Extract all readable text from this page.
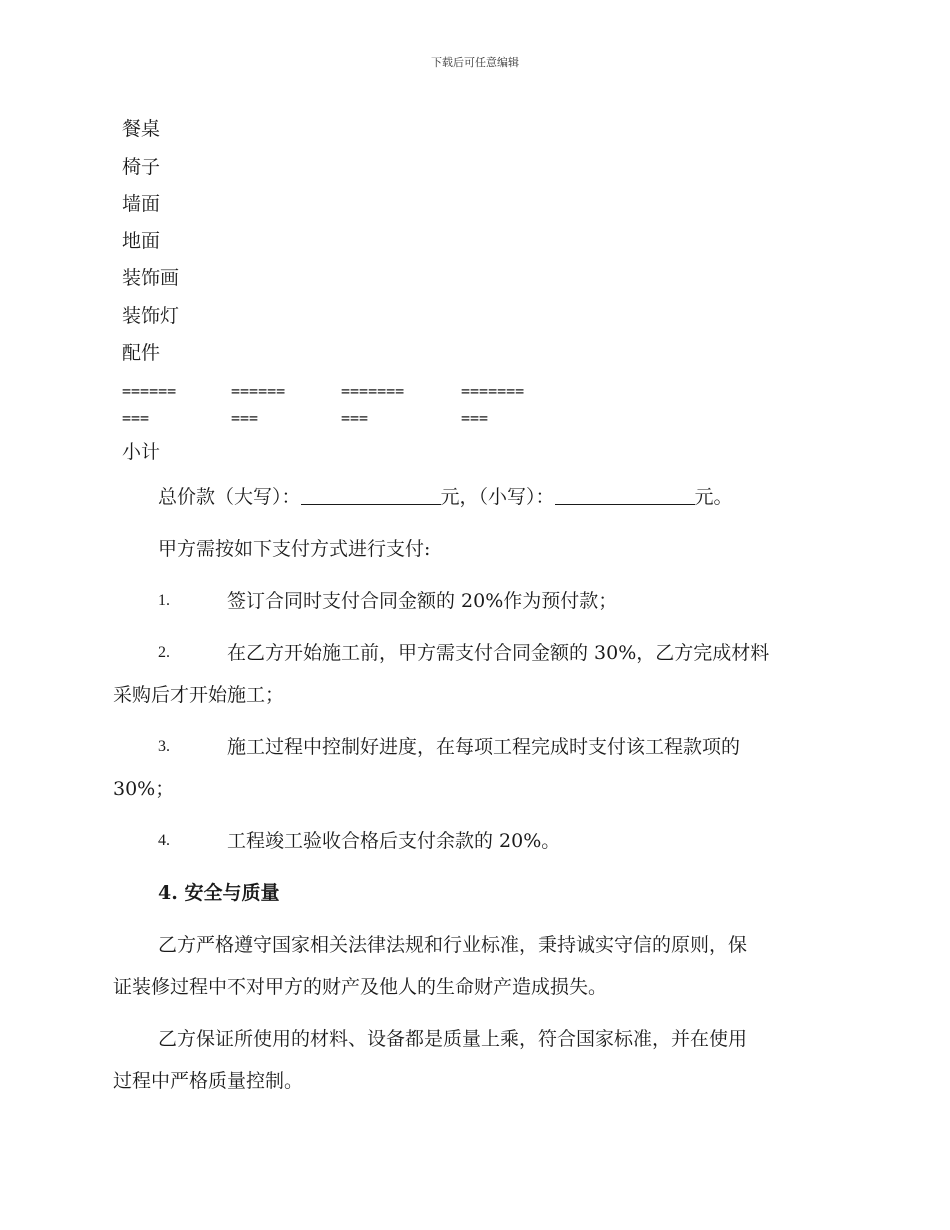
下载后可任意编辑
餐桌
椅子
墙面
地面
装饰画
装饰灯
配件
======	======	=======	=======
===	===	===	===
小计
总价款（大写）：	元，（小写）：	元。
甲方需按如下支付方式进行支付:
1.	签订合同时支付合同金额的 20%作为预付款；
2.	在乙方开始施工前，甲方需支付合同金额的 30%，乙方完成材料
采购后才开始施工；
3.	施工过程中控制好进度，在每项工程完成时支付该工程款项的
30%；
4.	工程竣工验收合格后支付余款的 20%。
4. 安全与质量
乙方严格遵守国家相关法律法规和行业标准，秉持诚实守信的原则，保
证装修过程中不对甲方的财产及他人的生命财产造成损失。
乙方保证所使用的材料、设备都是质量上乘，符合国家标准，并在使用
过程中严格质量控制。
